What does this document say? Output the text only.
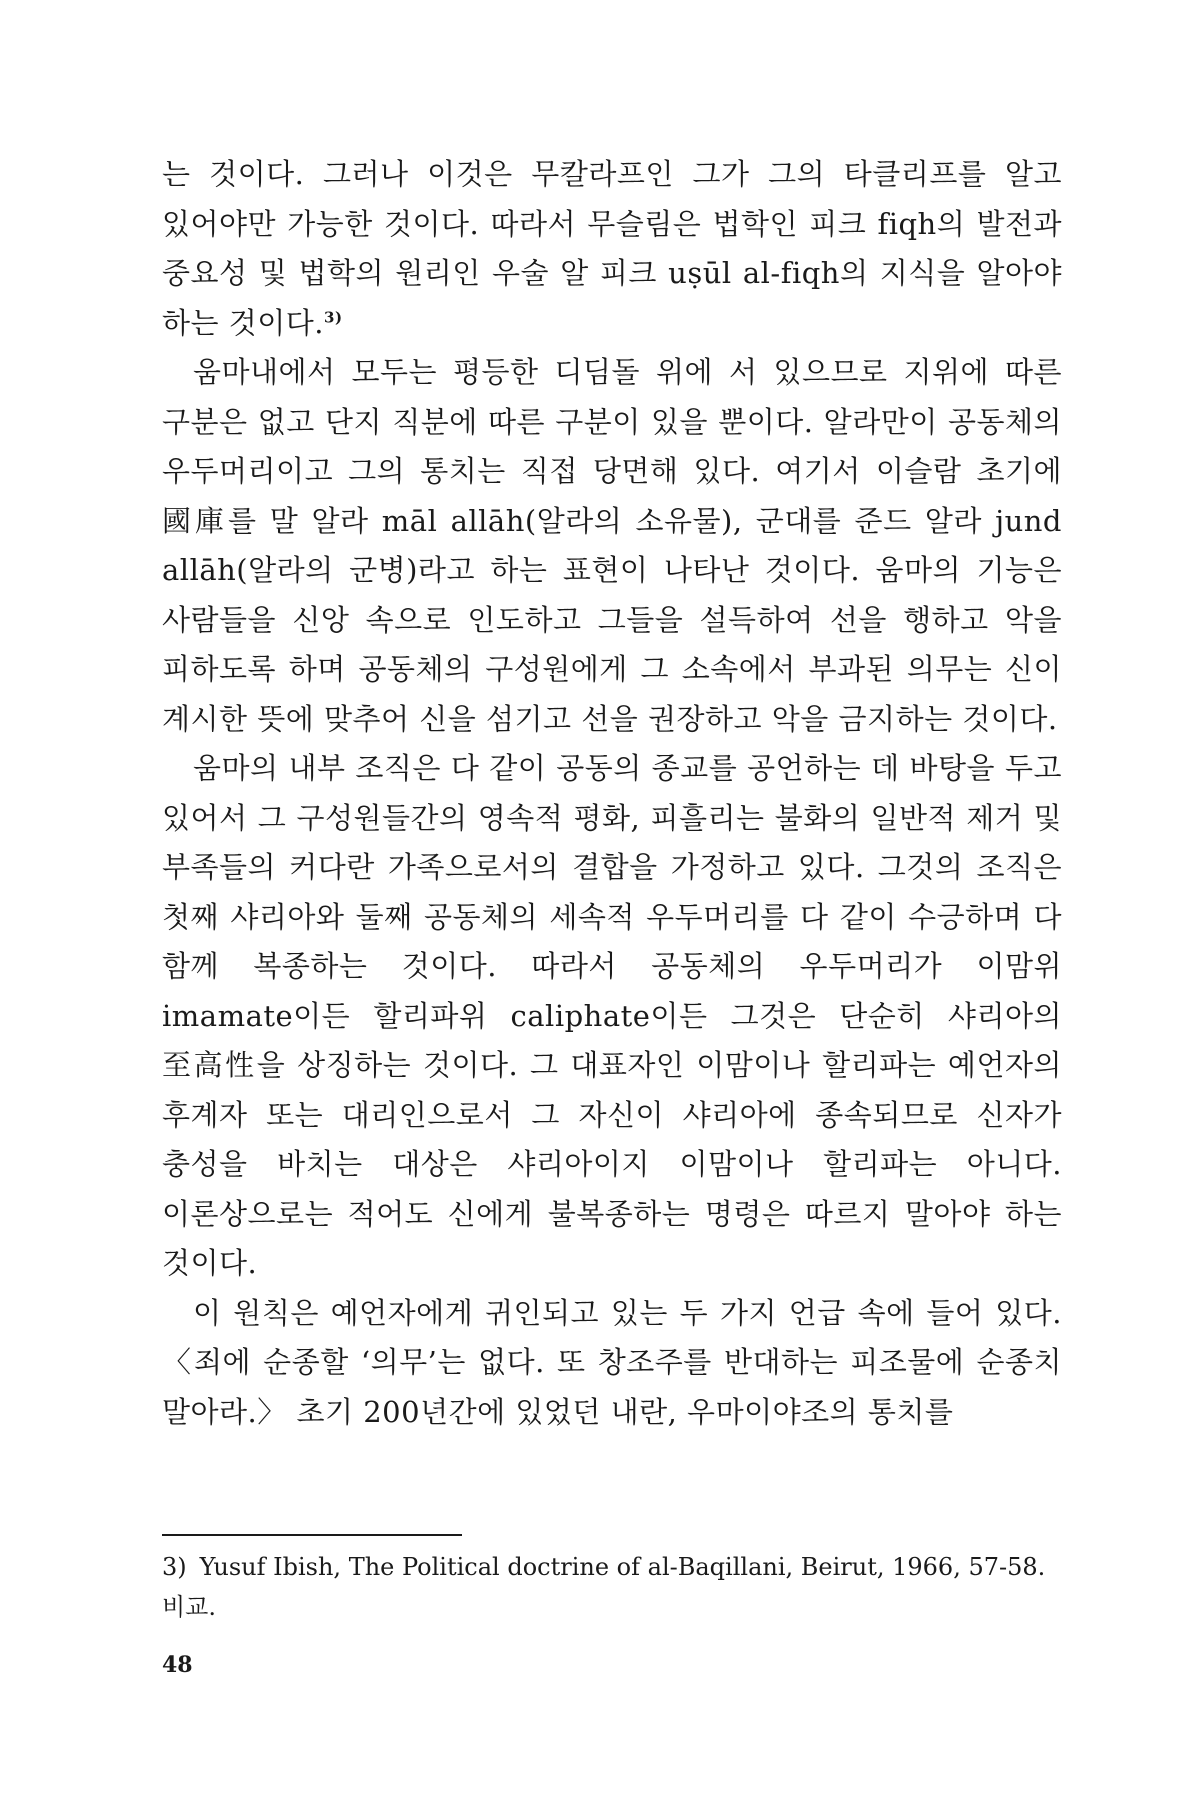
는 것이다. 그러나 이것은 무칼라프인 그가 그의 타클리프를 알고 있어야만 가능한 것이다. 따라서 무슬림은 법학인 피크 fiqh의 발전과 중요성 및 법학의 원리인 우술 알 피크 uṣūl al-fiqh의 지식을 알아야 하는 것이다.$^{3)}$

움마내에서 모두는 평등한 디딤돌 위에 서 있으므로 지위에 따른 구분은 없고 단지 직분에 따른 구분이 있을 뿐이다. 알라만이 공동체의 우두머리이고 그의 통치는 직접 당면해 있다. 여기서 이슬람 초기에 國庫를 말 알라 māl allāh(알라의 소유물), 군대를 준드 알라 jund allāh(알라의 군병)라고 하는 표현이 나타난 것이다. 움마의 기능은 사람들을 신앙 속으로 인도하고 그들을 설득하여 선을 행하고 악을 피하도록 하며 공동체의 구성원에게 그 소속에서 부과된 의무는 신이 계시한 뜻에 맞추어 신을 섬기고 선을 권장하고 악을 금지하는 것이다.

움마의 내부 조직은 다 같이 공동의 종교를 공언하는 데 바탕을 두고 있어서 그 구성원들간의 영속적 평화, 피흘리는 불화의 일반적 제거 및 부족들의 커다란 가족으로서의 결합을 가정하고 있다. 그것의 조직은 첫째 샤리아와 둘째 공동체의 세속적 우두머리를 다 같이 수긍하며 다 함께 복종하는 것이다. 따라서 공동체의 우두머리가 이맘위 imamate이든 할리파위 caliphate이든 그것은 단순히 샤리아의 至高性을 상징하는 것이다. 그 대표자인 이맘이나 할리파는 예언자의 후계자 또는 대리인으로서 그 자신이 샤리아에 종속되므로 신자가 충성을 바치는 대상은 샤리아이지 이맘이나 할리파는 아니다. 이론상으로는 적어도 신에게 불복종하는 명령은 따르지 말아야 하는 것이다.

이 원칙은 예언자에게 귀인되고 있는 두 가지 언급 속에 들어 있다. 〈죄에 순종할 ‘의무’는 없다. 또 창조주를 반대하는 피조물에 순종치 말아라.〉 초기 200년간에 있었던 내란, 우마이야조의 통치를

3) Yusuf Ibish, The Political doctrine of al-Baqillani, Beirut, 1966, 57-58.
비교.

48
